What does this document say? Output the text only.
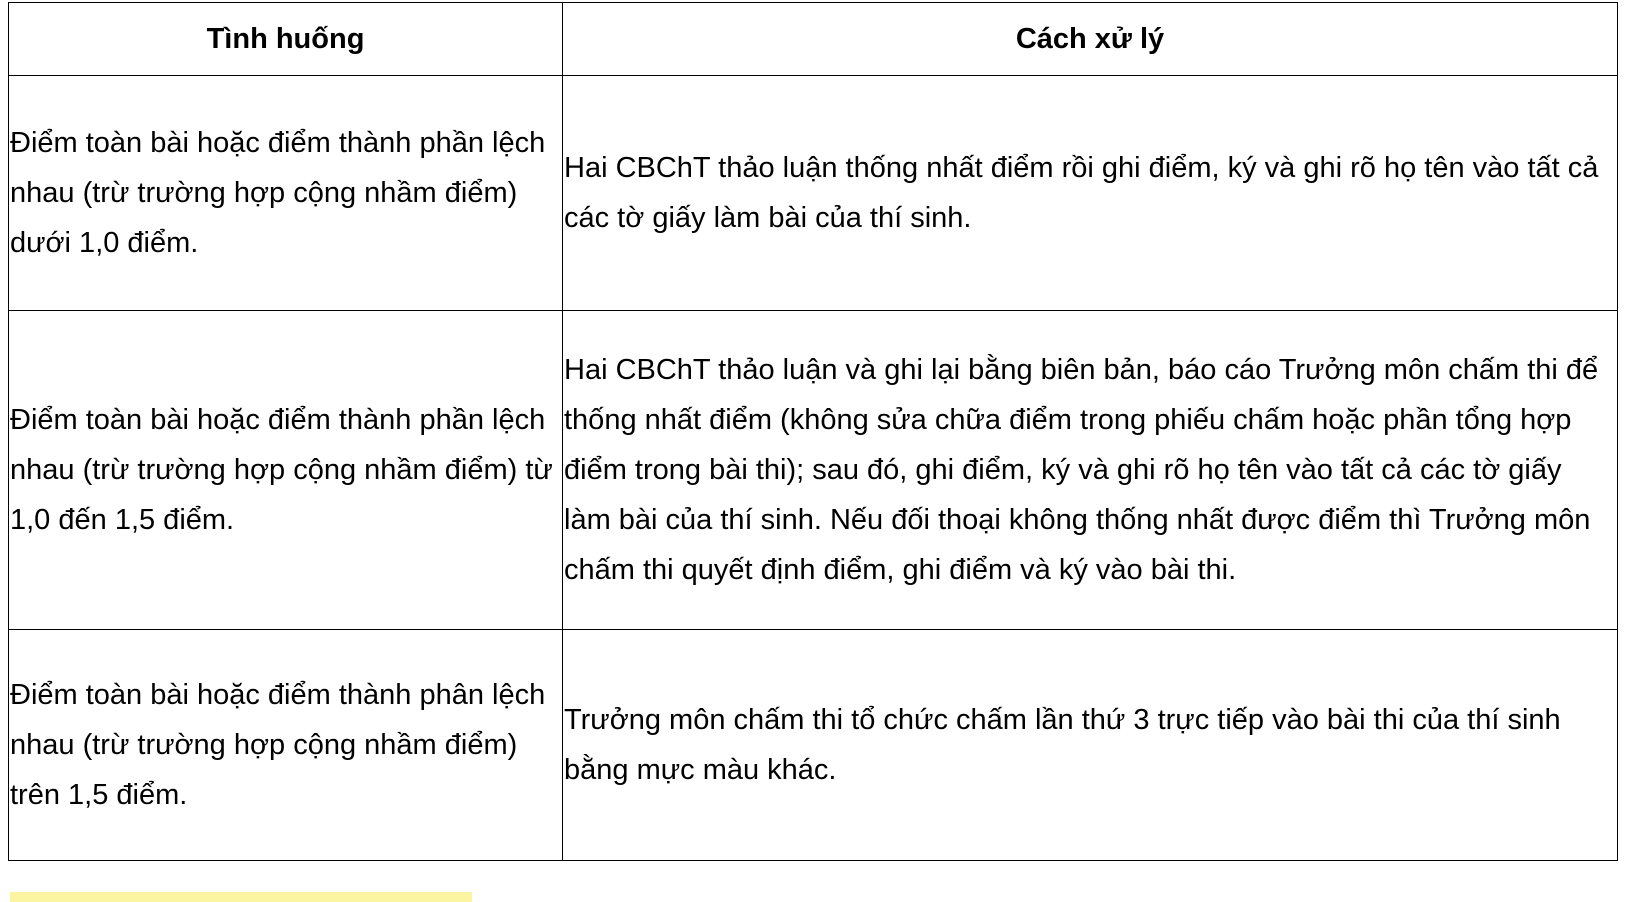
Tình huống	Cách xử lý
Điểm toàn bài hoặc điểm thành phần lệch nhau (trừ trường hợp cộng nhầm điểm) dưới 1,0 điểm.	Hai CBChT thảo luận thống nhất điểm rồi ghi điểm, ký và ghi rõ họ tên vào tất cả các tờ giấy làm bài của thí sinh.
Điểm toàn bài hoặc điểm thành phần lệch nhau (trừ trường hợp cộng nhầm điểm) từ 1,0 đến 1,5 điểm.	Hai CBChT thảo luận và ghi lại bằng biên bản, báo cáo Trưởng môn chấm thi để thống nhất điểm (không sửa chữa điểm trong phiếu chấm hoặc phần tổng hợp điểm trong bài thi); sau đó, ghi điểm, ký và ghi rõ họ tên vào tất cả các tờ giấy làm bài của thí sinh. Nếu đối thoại không thống nhất được điểm thì Trưởng môn chấm thi quyết định điểm, ghi điểm và ký vào bài thi.
Điểm toàn bài hoặc điểm thành phân lệch nhau (trừ trường hợp cộng nhầm điểm) trên 1,5 điểm.	Trưởng môn chấm thi tổ chức chấm lần thứ 3 trực tiếp vào bài thi của thí sinh bằng mực màu khác.
